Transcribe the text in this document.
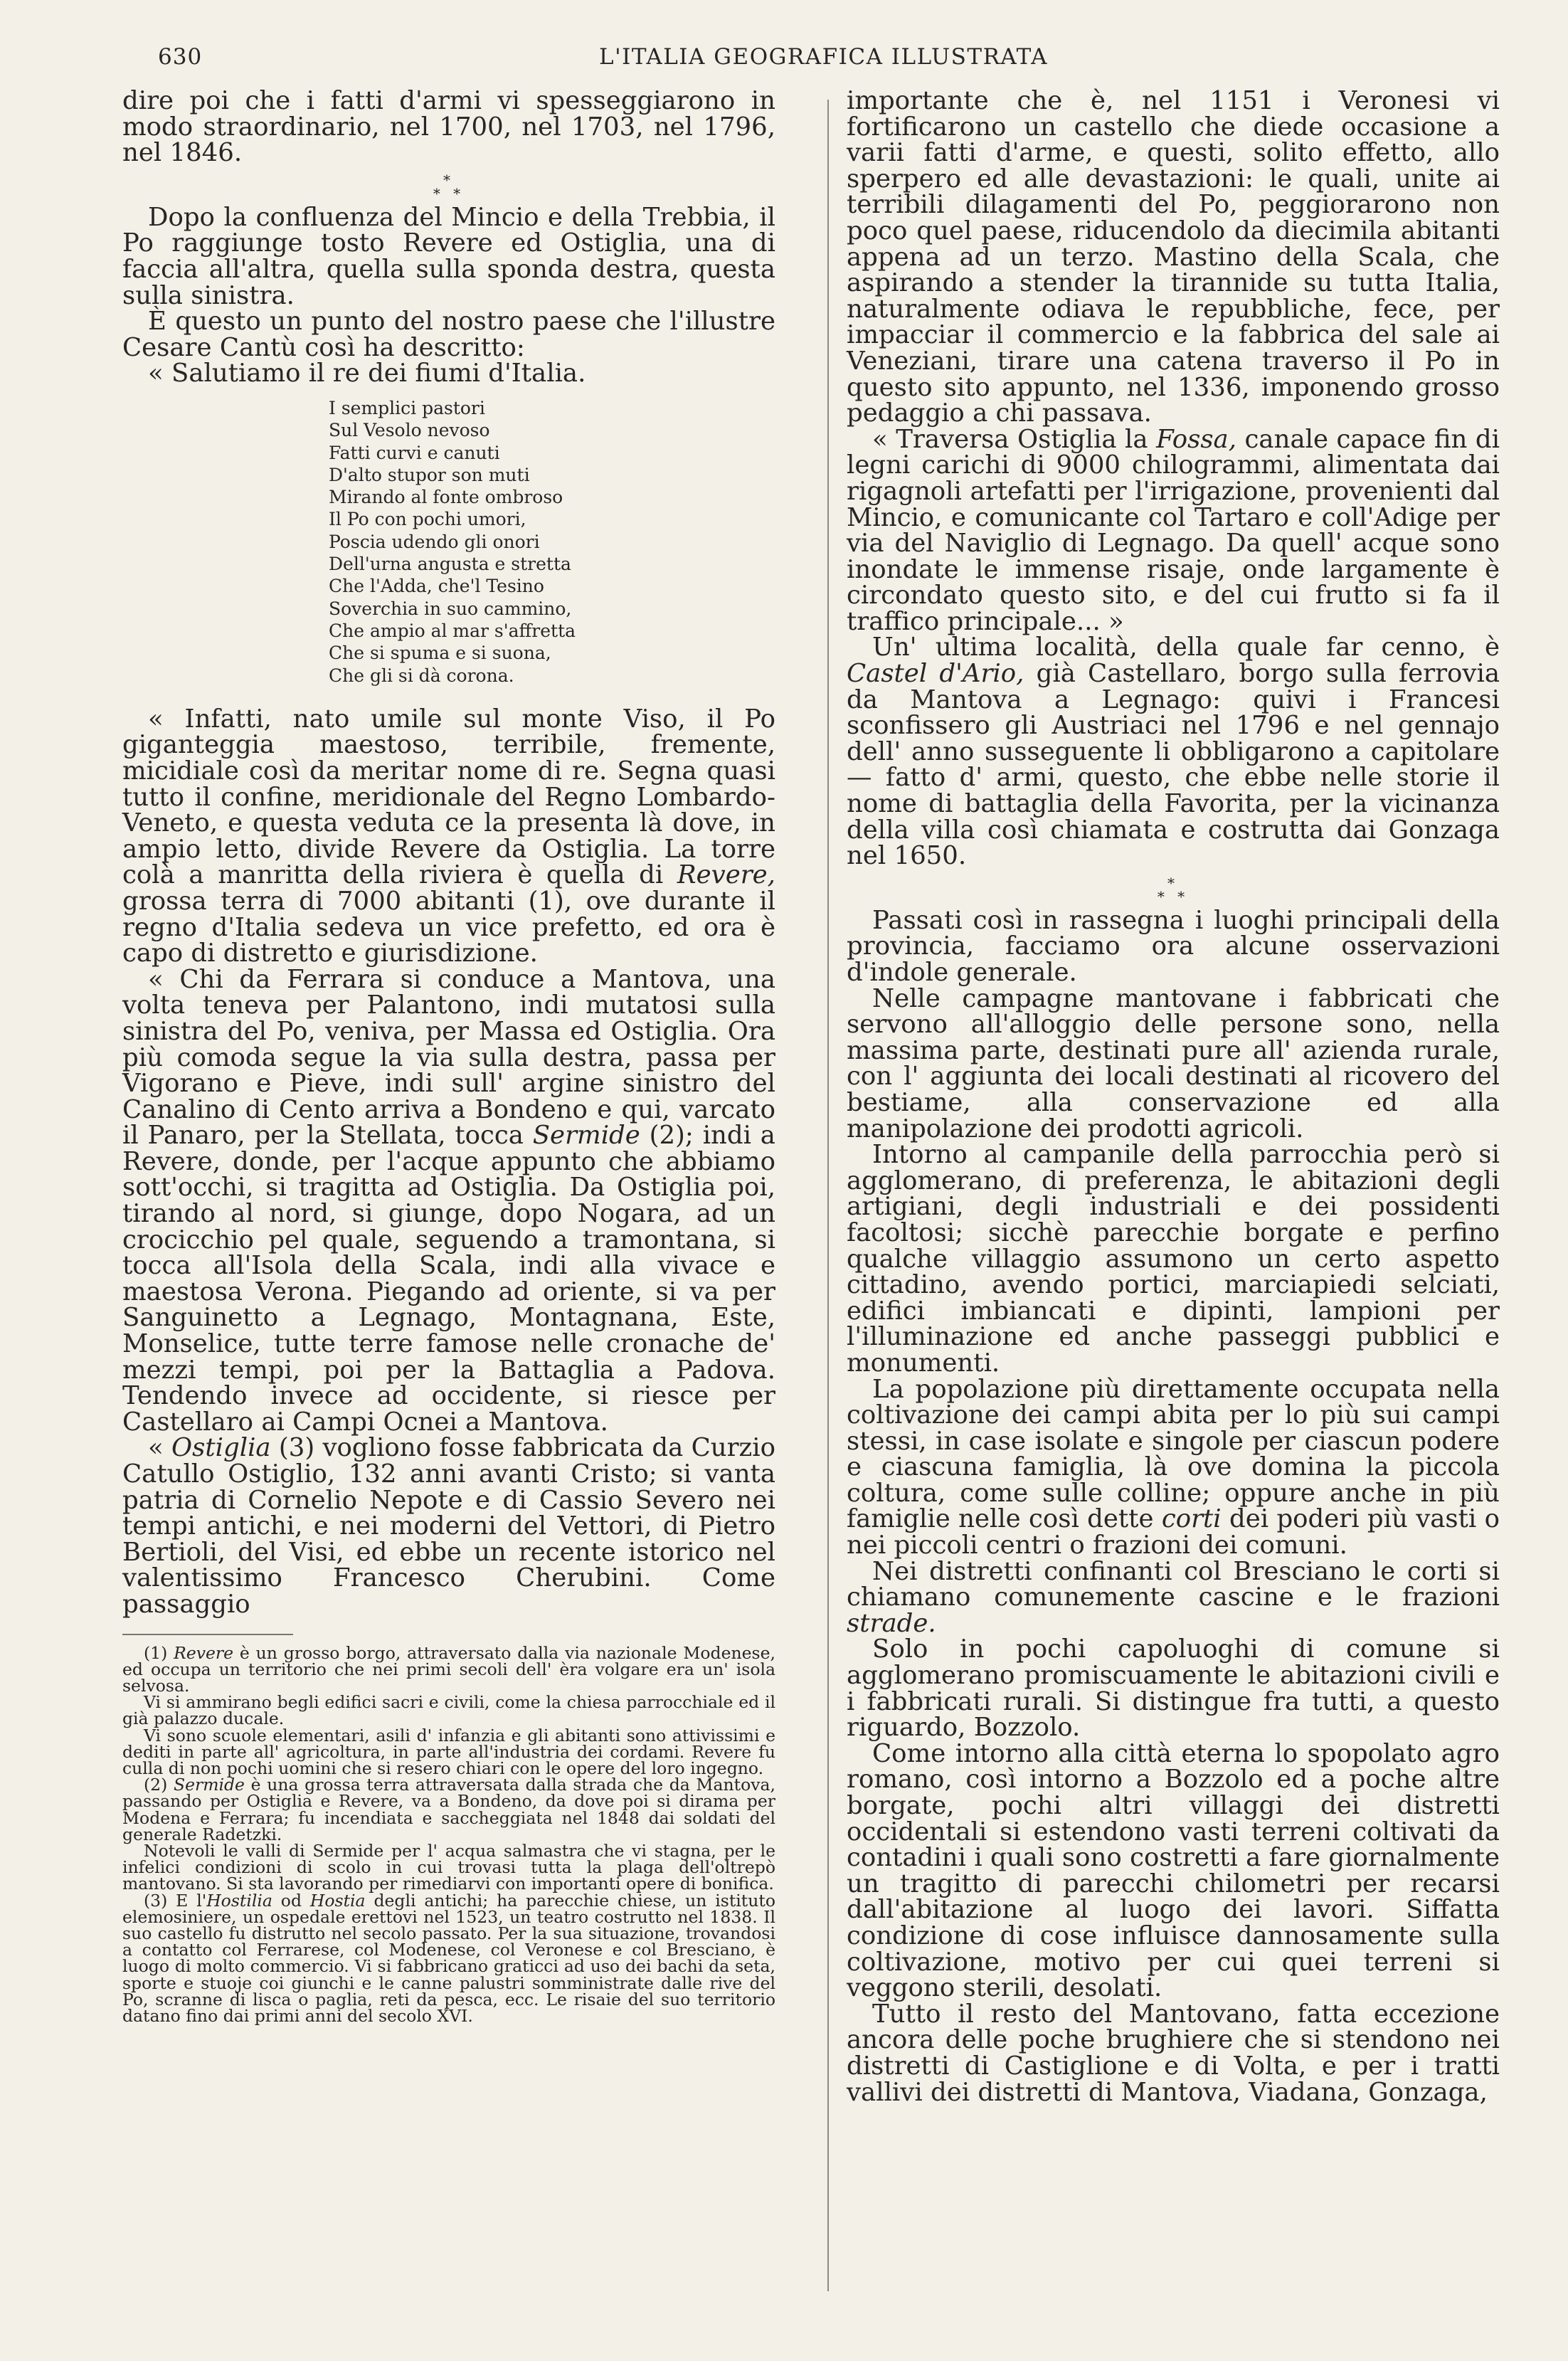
630	L'ITALIA GEOGRAFICA ILLUSTRATA

dire poi che i fatti d'armi vi spesseggiarono in modo straordinario, nel 1700, nel 1703, nel 1796, nel 1846.

*
* *

Dopo la confluenza del Mincio e della Trebbia, il Po raggiunge tosto Revere ed Ostiglia, una di faccia all'altra, quella sulla sponda destra, questa sulla sinistra.

È questo un punto del nostro paese che l'illustre Cesare Cantù così ha descritto:

« Salutiamo il re dei fiumi d'Italia.

I semplici pastori
Sul Vesolo nevoso
Fatti curvi e canuti
D'alto stupor son muti
Mirando al fonte ombroso
Il Po con pochi umori,
Poscia udendo gli onori
Dell'urna angusta e stretta
Che l'Adda, che'l Tesino
Soverchia in suo cammino,
Che ampio al mar s'affretta
Che si spuma e si suona,
Che gli si dà corona.

« Infatti, nato umile sul monte Viso, il Po giganteggia maestoso, terribile, fremente, micidiale così da meritar nome di re. Segna quasi tutto il confine, meridionale del Regno Lombardo-Veneto, e questa veduta ce la presenta là dove, in ampio letto, divide Revere da Ostiglia. La torre colà a manritta della riviera è quella di Revere, grossa terra di 7000 abitanti (1), ove durante il regno d'Italia sedeva un vice prefetto, ed ora è capo di distretto e giurisdizione.

« Chi da Ferrara si conduce a Mantova, una volta teneva per Palantono, indi mutatosi sulla sinistra del Po, veniva, per Massa ed Ostiglia. Ora più comoda segue la via sulla destra, passa per Vigorano e Pieve, indi sull' argine sinistro del Canalino di Cento arriva a Bondeno e qui, varcato il Panaro, per la Stellata, tocca Sermide (2); indi a Revere, donde, per l'acque appunto che abbiamo sott'occhi, si tragitta ad Ostiglia. Da Ostiglia poi, tirando al nord, si giunge, dopo Nogara, ad un crocicchio pel quale, seguendo a tramontana, si tocca all'Isola della Scala, indi alla vivace e maestosa Verona. Piegando ad oriente, si va per Sanguinetto a Legnago, Montagnana, Este, Monselice, tutte terre famose nelle cronache de' mezzi tempi, poi per la Battaglia a Padova. Tendendo invece ad occidente, si riesce per Castellaro ai Campi Ocnei a Mantova.

« Ostiglia (3) vogliono fosse fabbricata da Curzio Catullo Ostiglio, 132 anni avanti Cristo; si vanta patria di Cornelio Nepote e di Cassio Severo nei tempi antichi, e nei moderni del Vettori, di Pietro Bertioli, del Visi, ed ebbe un recente istorico nel valentissimo Francesco Cherubini. Come passaggio

(1) Revere è un grosso borgo, attraversato dalla via nazionale Modenese, ed occupa un territorio che nei primi secoli dell' èra volgare era un' isola selvosa.

Vi si ammirano begli edifici sacri e civili, come la chiesa parrocchiale ed il già palazzo ducale.

Vi sono scuole elementari, asili d' infanzia e gli abitanti sono attivissimi e dediti in parte all' agricoltura, in parte all'industria dei cordami. Revere fu culla di non pochi uomini che si resero chiari con le opere del loro ingegno.

(2) Sermide è una grossa terra attraversata dalla strada che da Mantova, passando per Ostiglia e Revere, va a Bondeno, da dove poi si dirama per Modena e Ferrara; fu incendiata e saccheggiata nel 1848 dai soldati del generale Radetzki.

Notevoli le valli di Sermide per l' acqua salmastra che vi stagna, per le infelici condizioni di scolo in cui trovasi tutta la plaga dell'oltrepò mantovano. Si sta lavorando per rimediarvi con importanti opere di bonifica.

(3) E l'Hostilia od Hostia degli antichi; ha parecchie chiese, un istituto elemosiniere, un ospedale erettovi nel 1523, un teatro costrutto nel 1838. Il suo castello fu distrutto nel secolo passato. Per la sua situazione, trovandosi a contatto col Ferrarese, col Modenese, col Veronese e col Bresciano, è luogo di molto commercio. Vi si fabbricano graticci ad uso dei bachi da seta, sporte e stuoje coi giunchi e le canne palustri somministrate dalle rive del Po, scranne di lisca o paglia, reti da pesca, ecc. Le risaie del suo territorio datano fino dai primi anni del secolo XVI.

importante che è, nel 1151 i Veronesi vi fortificarono un castello che diede occasione a varii fatti d'arme, e questi, solito effetto, allo sperpero ed alle devastazioni: le quali, unite ai terribili dilagamenti del Po, peggiorarono non poco quel paese, riducendolo da diecimila abitanti appena ad un terzo. Mastino della Scala, che aspirando a stender la tirannide su tutta Italia, naturalmente odiava le repubbliche, fece, per impacciar il commercio e la fabbrica del sale ai Veneziani, tirare una catena traverso il Po in questo sito appunto, nel 1336, imponendo grosso pedaggio a chi passava.

« Traversa Ostiglia la Fossa, canale capace fin di legni carichi di 9000 chilogrammi, alimentata dai rigagnoli artefatti per l'irrigazione, provenienti dal Mincio, e comunicante col Tartaro e coll'Adige per via del Naviglio di Legnago. Da quell' acque sono inondate le immense risaje, onde largamente è circondato questo sito, e del cui frutto si fa il traffico principale... »

Un' ultima località, della quale far cenno, è Castel d'Ario, già Castellaro, borgo sulla ferrovia da Mantova a Legnago: quivi i Francesi sconfissero gli Austriaci nel 1796 e nel gennajo dell' anno susseguente li obbligarono a capitolare — fatto d' armi, questo, che ebbe nelle storie il nome di battaglia della Favorita, per la vicinanza della villa così chiamata e costrutta dai Gonzaga nel 1650.

*
* *

Passati così in rassegna i luoghi principali della provincia, facciamo ora alcune osservazioni d'indole generale.

Nelle campagne mantovane i fabbricati che servono all'alloggio delle persone sono, nella massima parte, destinati pure all' azienda rurale, con l' aggiunta dei locali destinati al ricovero del bestiame, alla conservazione ed alla manipolazione dei prodotti agricoli.

Intorno al campanile della parrocchia però si agglomerano, di preferenza, le abitazioni degli artigiani, degli industriali e dei possidenti facoltosi; sicchè parecchie borgate e perfino qualche villaggio assumono un certo aspetto cittadino, avendo portici, marciapiedi selciati, edifici imbiancati e dipinti, lampioni per l'illuminazione ed anche passeggi pubblici e monumenti.

La popolazione più direttamente occupata nella coltivazione dei campi abita per lo più sui campi stessi, in case isolate e singole per ciascun podere e ciascuna famiglia, là ove domina la piccola coltura, come sulle colline; oppure anche in più famiglie nelle così dette corti dei poderi più vasti o nei piccoli centri o frazioni dei comuni.

Nei distretti confinanti col Bresciano le corti si chiamano comunemente cascine e le frazioni strade.

Solo in pochi capoluoghi di comune si agglomerano promiscuamente le abitazioni civili e i fabbricati rurali. Si distingue fra tutti, a questo riguardo, Bozzolo.

Come intorno alla città eterna lo spopolato agro romano, così intorno a Bozzolo ed a poche altre borgate, pochi altri villaggi dei distretti occidentali si estendono vasti terreni coltivati da contadini i quali sono costretti a fare giornalmente un tragitto di parecchi chilometri per recarsi dall'abitazione al luogo dei lavori. Siffatta condizione di cose influisce dannosamente sulla coltivazione, motivo per cui quei terreni si veggono sterili, desolati.

Tutto il resto del Mantovano, fatta eccezione ancora delle poche brughiere che si stendono nei distretti di Castiglione e di Volta, e per i tratti vallivi dei distretti di Mantova, Viadana, Gonzaga,
